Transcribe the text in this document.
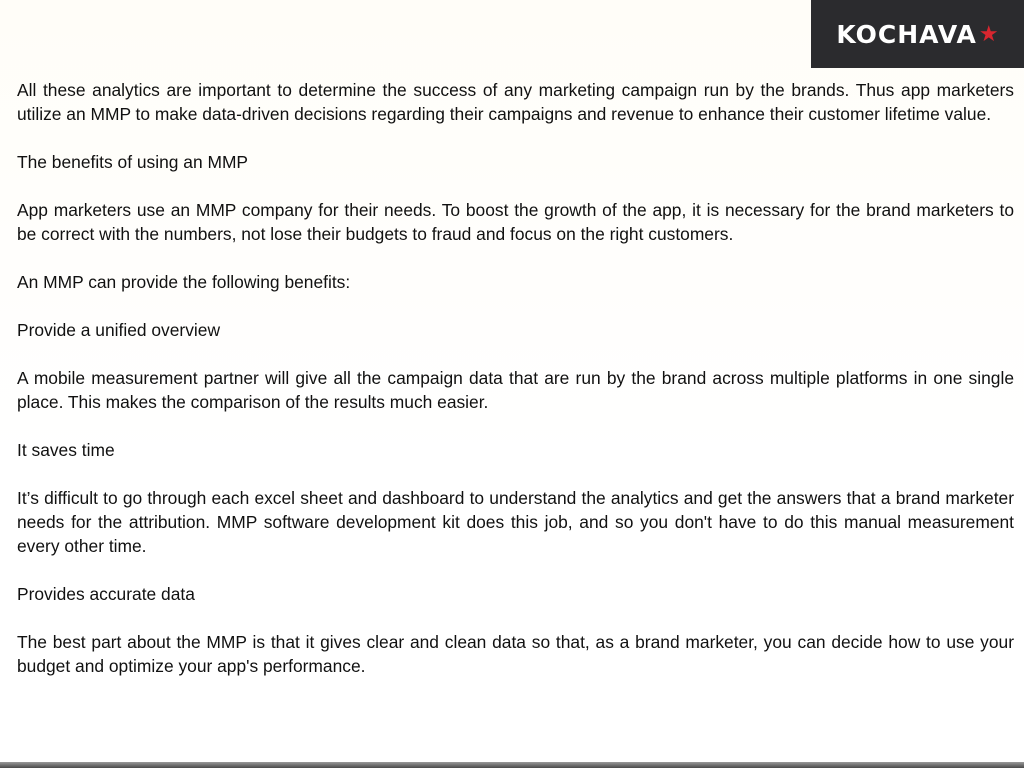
KOCHAVA ★

All these analytics are important to determine the success of any marketing campaign run by the brands. Thus app marketers utilize an MMP to make data-driven decisions regarding their campaigns and revenue to enhance their customer lifetime value.

The benefits of using an MMP

App marketers use an MMP company for their needs. To boost the growth of the app, it is necessary for the brand marketers to be correct with the numbers, not lose their budgets to fraud and focus on the right customers.

An MMP can provide the following benefits:

Provide a unified overview

A mobile measurement partner will give all the campaign data that are run by the brand across multiple platforms in one single place. This makes the comparison of the results much easier.

It saves time

It’s difficult to go through each excel sheet and dashboard to understand the analytics and get the answers that a brand marketer needs for the attribution. MMP software development kit does this job, and so you don't have to do this manual measurement every other time.

Provides accurate data

The best part about the MMP is that it gives clear and clean data so that, as a brand marketer, you can decide how to use your budget and optimize your app's performance.
